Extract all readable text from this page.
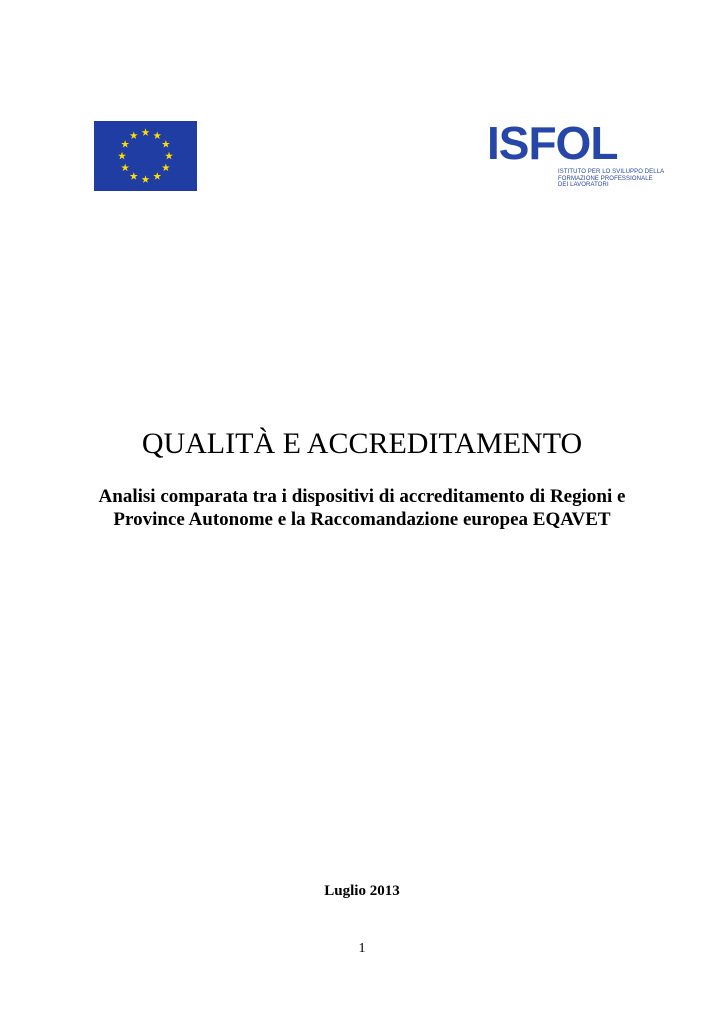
ISFOL
ISTITUTO PER LO SVILUPPO DELLA
FORMAZIONE PROFESSIONALE
DEI LAVORATORI
QUALITÀ E ACCREDITAMENTO
Analisi comparata tra i dispositivi di accreditamento di Regioni e
Province Autonome e la Raccomandazione europea EQAVET
Luglio 2013
1
